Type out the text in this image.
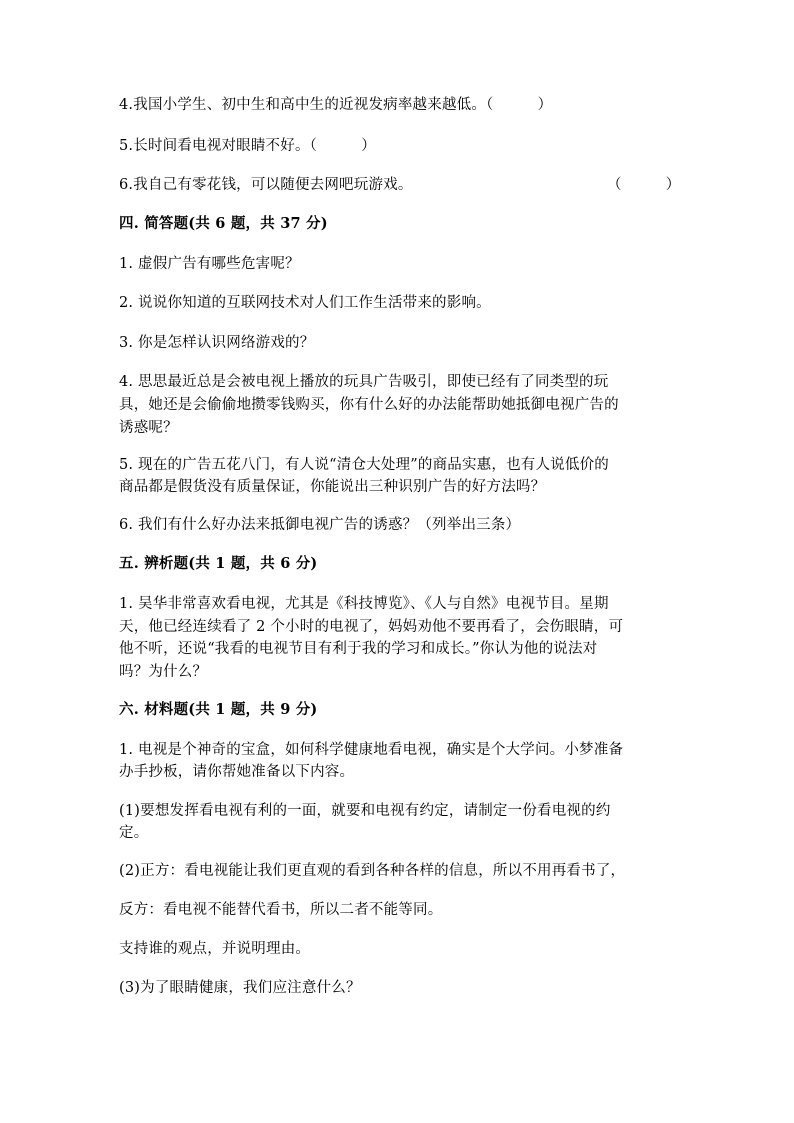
4.我国小学生、初中生和高中生的近视发病率越来越低。（　　　）
5.长时间看电视对眼睛不好。（　　　）
6.我自己有零花钱，可以随便去网吧玩游戏。	（　　　）
四. 简答题(共 6 题，共 37 分)
1. 虚假广告有哪些危害呢？
2. 说说你知道的互联网技术对人们工作生活带来的影响。
3. 你是怎样认识网络游戏的？
4. 思思最近总是会被电视上播放的玩具广告吸引，即使已经有了同类型的玩
具，她还是会偷偷地攒零钱购买，你有什么好的办法能帮助她抵御电视广告的
诱惑呢？
5. 现在的广告五花八门，有人说“清仓大处理”的商品实惠，也有人说低价的
商品都是假货没有质量保证，你能说出三种识别广告的好方法吗？
6. 我们有什么好办法来抵御电视广告的诱惑？（列举出三条）
五. 辨析题(共 1 题，共 6 分)
1. 吴华非常喜欢看电视，尤其是《科技博览》、《人与自然》电视节目。星期
天，他已经连续看了 2 个小时的电视了，妈妈劝他不要再看了，会伤眼睛，可
他不听，还说“我看的电视节目有利于我的学习和成长。”你认为他的说法对
吗？为什么？
六. 材料题(共 1 题，共 9 分)
1. 电视是个神奇的宝盒，如何科学健康地看电视，确实是个大学问。小梦准备
办手抄板，请你帮她准备以下内容。
(1)要想发挥看电视有利的一面，就要和电视有约定，请制定一份看电视的约
定。
(2)正方：看电视能让我们更直观的看到各种各样的信息，所以不用再看书了，
反方：看电视不能替代看书，所以二者不能等同。
支持谁的观点，并说明理由。
(3)为了眼睛健康，我们应注意什么？
